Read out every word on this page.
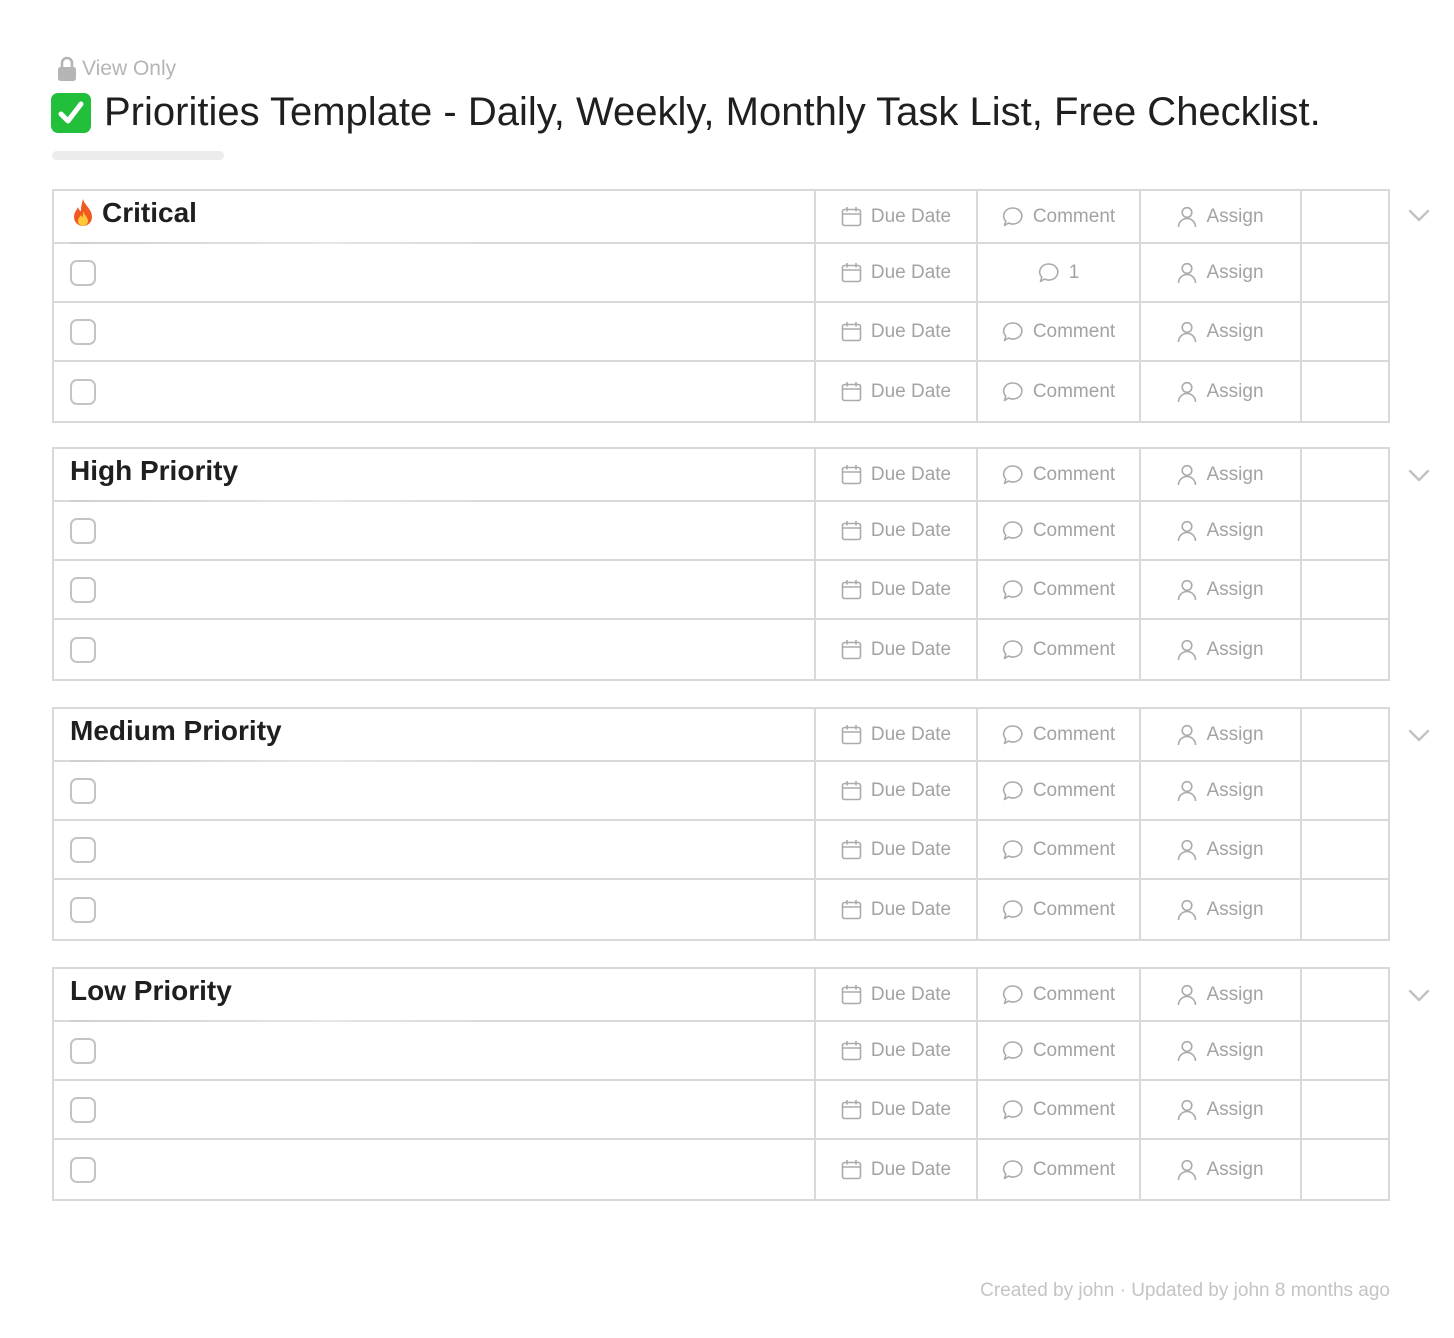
View Only
Priorities Template - Daily, Weekly, Monthly Task List, Free Checklist.
Critical	Due Date	Comment	Assign
Due Date	1	Assign
Due Date	Comment	Assign
Due Date	Comment	Assign
High Priority	Due Date	Comment	Assign
Due Date	Comment	Assign
Due Date	Comment	Assign
Due Date	Comment	Assign
Medium Priority	Due Date	Comment	Assign
Due Date	Comment	Assign
Due Date	Comment	Assign
Due Date	Comment	Assign
Low Priority	Due Date	Comment	Assign
Due Date	Comment	Assign
Due Date	Comment	Assign
Due Date	Comment	Assign
Created by john · Updated by john 8 months ago
